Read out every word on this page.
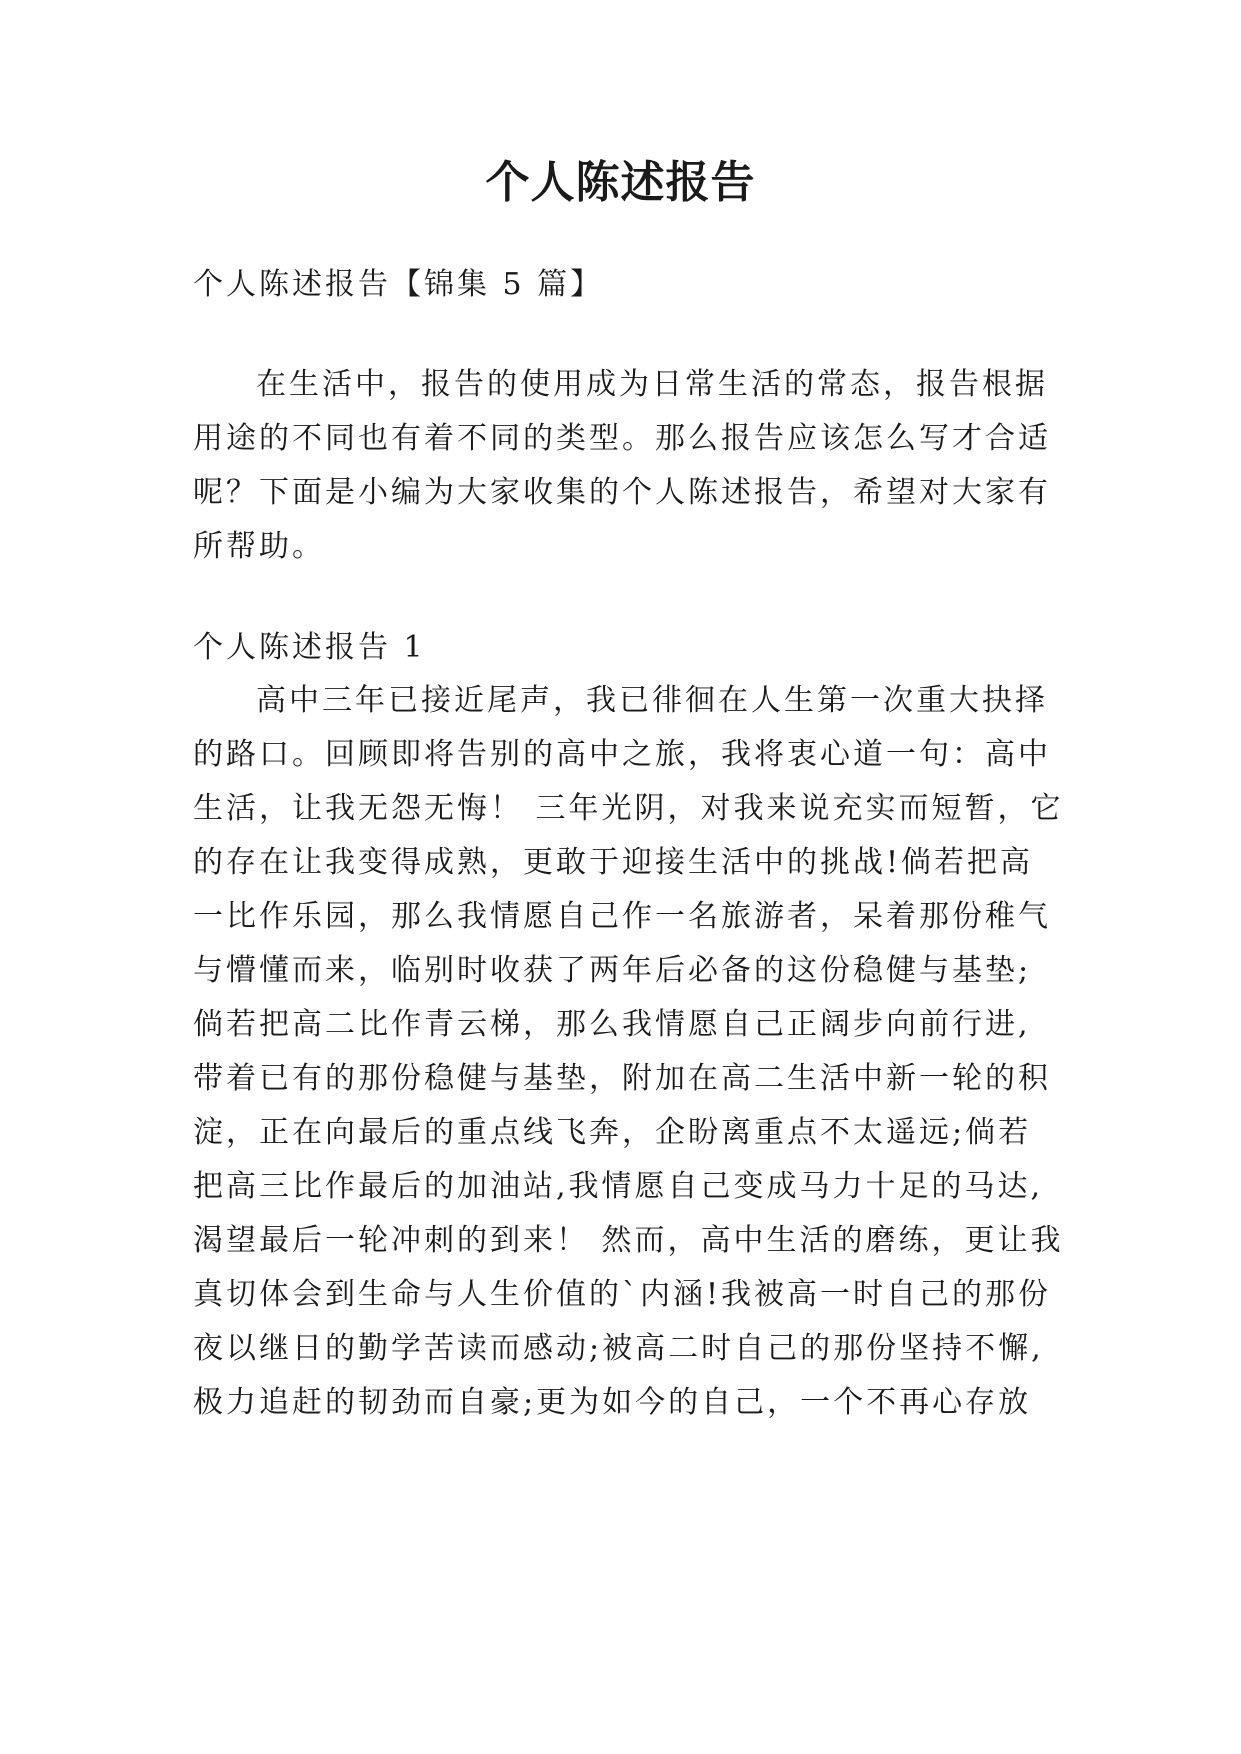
个人陈述报告

个人陈述报告【锦集 5 篇】

在生活中，报告的使用成为日常生活的常态，报告根据

用途的不同也有着不同的类型。那么报告应该怎么写才合适

呢？下面是小编为大家收集的个人陈述报告，希望对大家有

所帮助。

个人陈述报告 1

高中三年已接近尾声，我已徘徊在人生第一次重大抉择

的路口。回顾即将告别的高中之旅，我将衷心道一句：高中

生活，让我无怨无悔！ 三年光阴，对我来说充实而短暂，它

的存在让我变得成熟，更敢于迎接生活中的挑战!倘若把高

一比作乐园，那么我情愿自己作一名旅游者，呆着那份稚气

与懵懂而来，临别时收获了两年后必备的这份稳健与基垫;

倘若把高二比作青云梯，那么我情愿自己正阔步向前行进,

带着已有的那份稳健与基垫，附加在高二生活中新一轮的积

淀，正在向最后的重点线飞奔，企盼离重点不太遥远;倘若

把高三比作最后的加油站,我情愿自己变成马力十足的马达,

渴望最后一轮冲刺的到来！ 然而，高中生活的磨练，更让我

真切体会到生命与人生价值的`内涵!我被高一时自己的那份

夜以继日的勤学苦读而感动;被高二时自己的那份坚持不懈,

极力追赶的韧劲而自豪;更为如今的自己，一个不再心存放
